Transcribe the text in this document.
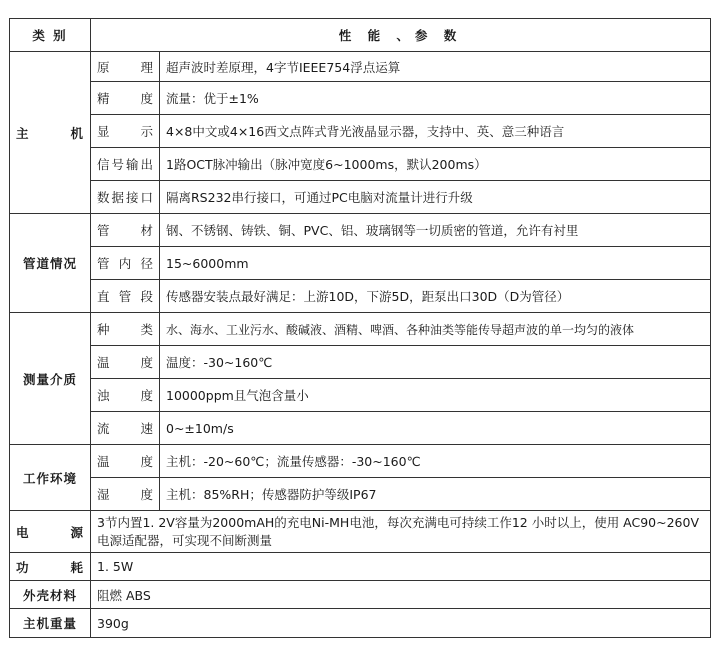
类 别	性 能 、参 数	
主 机	原 理	超声波时差原理，4字节IEEE754浮点运算
	精 度	流量：优于±1%
	显 示	4×8中文或4×16西文点阵式背光液晶显示器，支持中、英、意三种语言
	信号输出	1路OCT脉冲输出（脉冲宽度6~1000ms，默认200ms）
	数据接口	隔离RS232串行接口，可通过PC电脑对流量计进行升级
管道情况	管 材	钢、不锈钢、铸铁、铜、PVC、铝、玻璃钢等一切质密的管道，允许有衬里
	管内径	15~6000mm
	直管段	传感器安装点最好满足：上游10D，下游5D，距泵出口30D（D为管径）
测量介质	种 类	水、海水、工业污水、酸碱液、酒精、啤酒、各种油类等能传导超声波的单一均匀的液体
	温 度	温度：-30~160℃
	浊 度	10000ppm且气泡含量小
	流 速	0~±10m/s
工作环境	温 度	主机：-20~60℃；流量传感器：-30~160℃
	湿 度	主机：85%RH；传感器防护等级IP67
电 源	3节内置1. 2V容量为2000mAH的充电Ni-MH电池，每次充满电可持续工作12 小时以上，使用 AC90~260V电源适配器，可实现不间断测量	
功 耗	1. 5W	
外壳材料	阻燃 ABS	
主机重量	390g	
